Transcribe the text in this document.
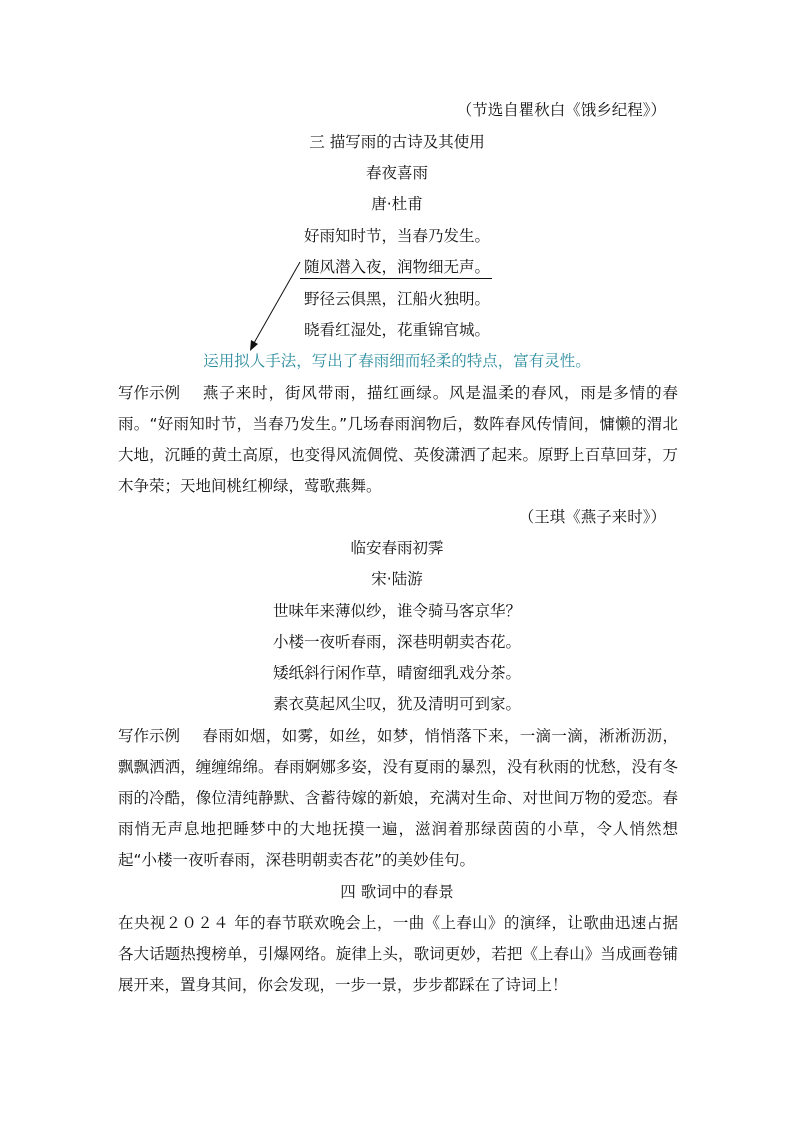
（节选自瞿秋白《饿乡纪程》）
三 描写雨的古诗及其使用
春夜喜雨
唐·杜甫
好雨知时节，当春乃发生。
随风潜入夜，润物细无声。
野径云俱黑，江船火独明。
晓看红湿处，花重锦官城。
运用拟人手法，写出了春雨细而轻柔的特点，富有灵性。
写作示例 燕子来时，街风带雨，描红画绿。风是温柔的春风，雨是多情的春雨。“好雨知时节，当春乃发生。”几场春雨润物后，数阵春风传情间，慵懒的渭北大地，沉睡的黄土高原，也变得风流倜傥、英俊潇洒了起来。原野上百草回芽，万木争荣；天地间桃红柳绿，莺歌燕舞。
（王琪《燕子来时》）
临安春雨初霁
宋·陆游
世味年来薄似纱，谁令骑马客京华？
小楼一夜听春雨，深巷明朝卖杏花。
矮纸斜行闲作草，晴窗细乳戏分茶。
素衣莫起风尘叹，犹及清明可到家。
写作示例 春雨如烟，如雾，如丝，如梦，悄悄落下来，一滴一滴，淅淅沥沥，飘飘洒洒，缠缠绵绵。春雨婀娜多姿，没有夏雨的暴烈，没有秋雨的忧愁，没有冬雨的冷酷，像位清纯静默、含蓄待嫁的新娘，充满对生命、对世间万物的爱恋。春雨悄无声息地把睡梦中的大地抚摸一遍，滋润着那绿茵茵的小草，令人悄然想起“小楼一夜听春雨，深巷明朝卖杏花”的美妙佳句。
四 歌词中的春景
在央视２０２４ 年的春节联欢晚会上，一曲《上春山》的演绎，让歌曲迅速占据各大话题热搜榜单，引爆网络。旋律上头，歌词更妙，若把《上春山》当成画卷铺展开来，置身其间，你会发现，一步一景，步步都踩在了诗词上！
